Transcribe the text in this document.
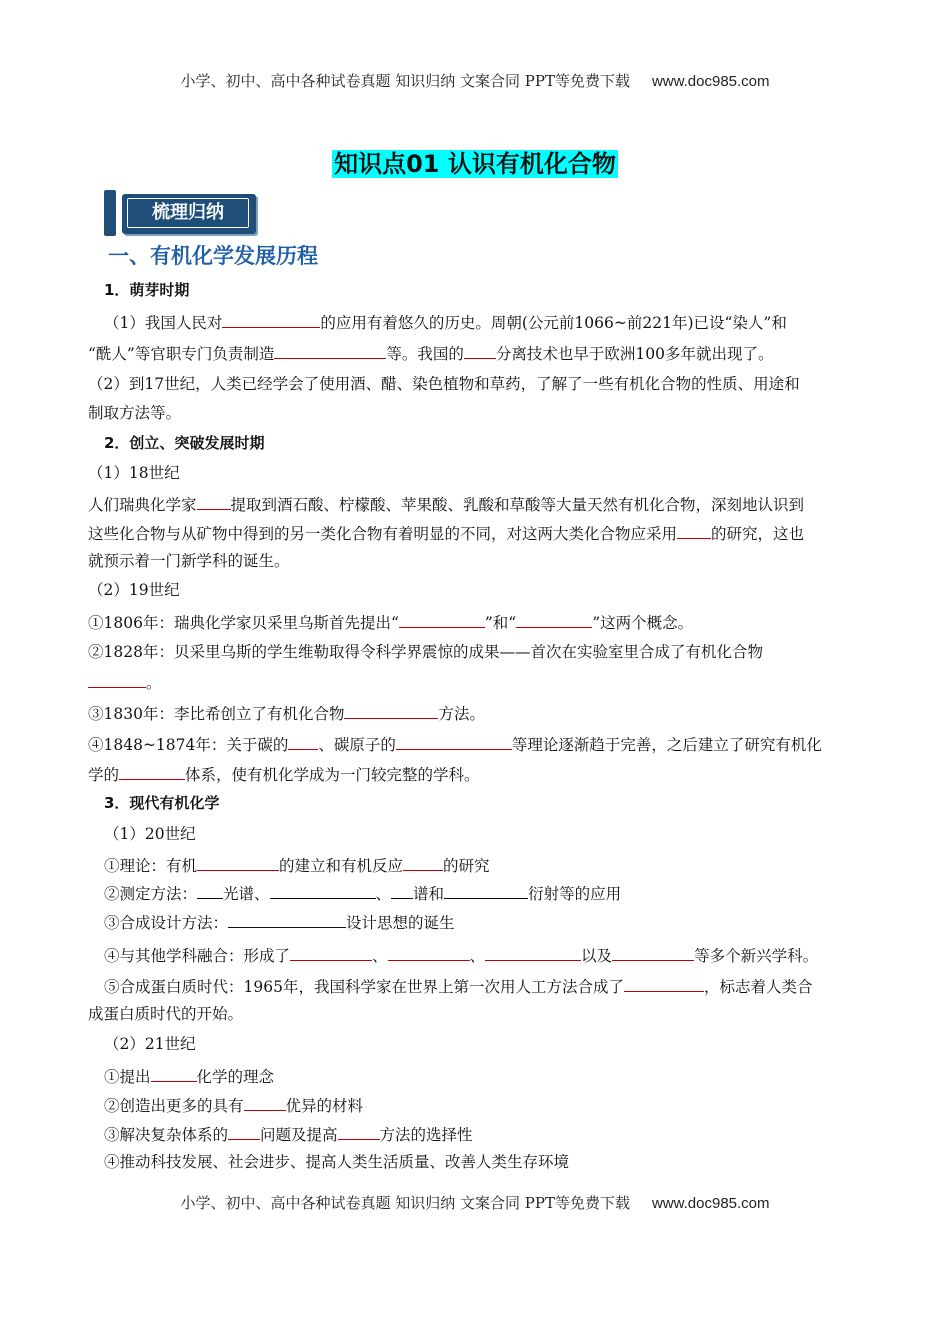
小学、初中、高中各种试卷真题 知识归纳 文案合同 PPT等免费下载 www.doc985.com
知识点01 认识有机化合物
梳理归纳
一、有机化学发展历程
1．萌芽时期
（1）我国人民对	的应用有着悠久的历史。周朝(公元前1066~前221年)已设“染人”和
“酰人”等官职专门负责制造	等。我国的 分离技术也早于欧洲100多年就出现了。
（2）到17世纪，人类已经学会了使用酒、醋、染色植物和草药，了解了一些有机化合物的性质、用途和
制取方法等。
2．创立、突破发展时期
（1）18世纪
人们瑞典化学家 提取到酒石酸、柠檬酸、苹果酸、乳酸和草酸等大量天然有机化合物，深刻地认识到
这些化合物与从矿物中得到的另一类化合物有着明显的不同，对这两大类化合物应采用 的研究，这也
就预示着一门新学科的诞生。
（2）19世纪
①1806年：瑞典化学家贝采里乌斯首先提出“	”和“	”这两个概念。
②1828年：贝采里乌斯的学生维勒取得令科学界震惊的成果——首次在实验室里合成了有机化合物
。
③1830年：李比希创立了有机化合物	方法。
④1848~1874年：关于碳的 、碳原子的	等理论逐渐趋于完善，之后建立了研究有机化
学的	体系，使有机化学成为一门较完整的学科。
3．现代有机化学
（1）20世纪
①理论：有机	的建立和有机反应	的研究
②测定方法： 光谱、	、 谱和	衍射等的应用
③合成设计方法：	设计思想的诞生
④与其他学科融合：形成了	、	、	以及	等多个新兴学科。
⑤合成蛋白质时代：1965年，我国科学家在世界上第一次用人工方法合成了	，标志着人类合
成蛋白质时代的开始。
（2）21世纪
①提出	化学的理念
②创造出更多的具有	优异的材料
③解决复杂体系的 问题及提高	方法的选择性
④推动科技发展、社会进步、提高人类生活质量、改善人类生存环境
小学、初中、高中各种试卷真题 知识归纳 文案合同 PPT等免费下载 www.doc985.com
